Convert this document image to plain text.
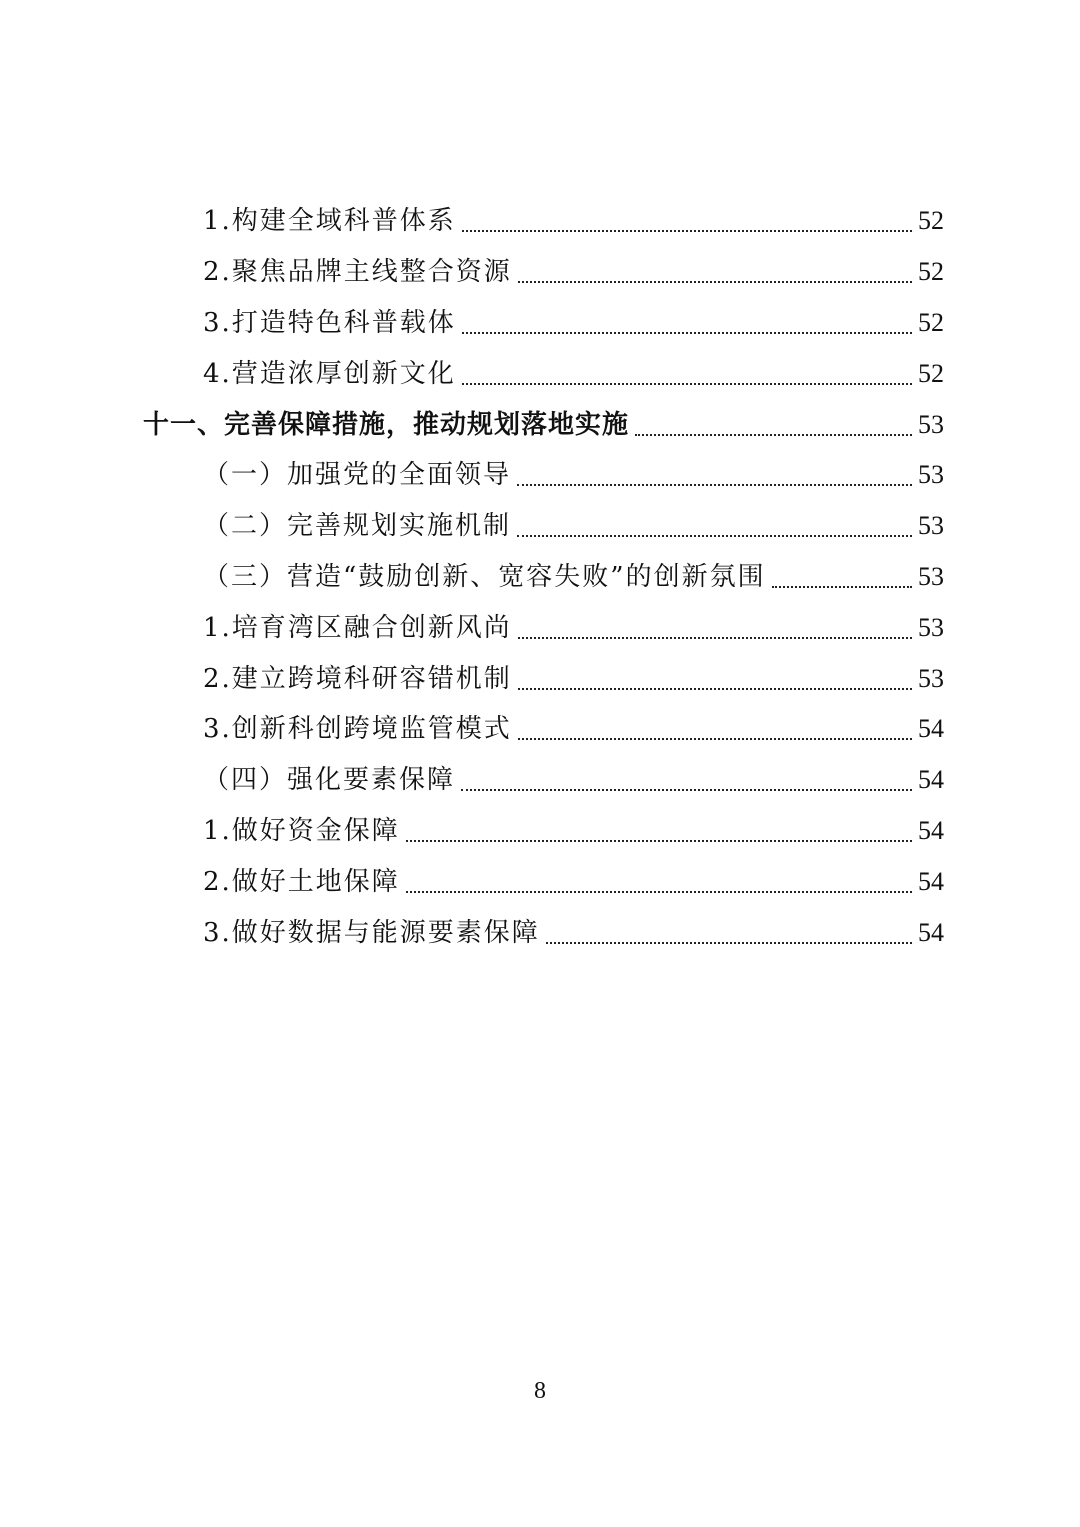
1.构建全域科普体系	52
2.聚焦品牌主线整合资源	52
3.打造特色科普载体	52
4.营造浓厚创新文化	52
十一、完善保障措施，推动规划落地实施	53
（一）加强党的全面领导	53
（二）完善规划实施机制	53
（三）营造“鼓励创新、宽容失败”的创新氛围	53
1.培育湾区融合创新风尚	53
2.建立跨境科研容错机制	53
3.创新科创跨境监管模式	54
（四）强化要素保障	54
1.做好资金保障	54
2.做好土地保障	54
3.做好数据与能源要素保障	54
8
